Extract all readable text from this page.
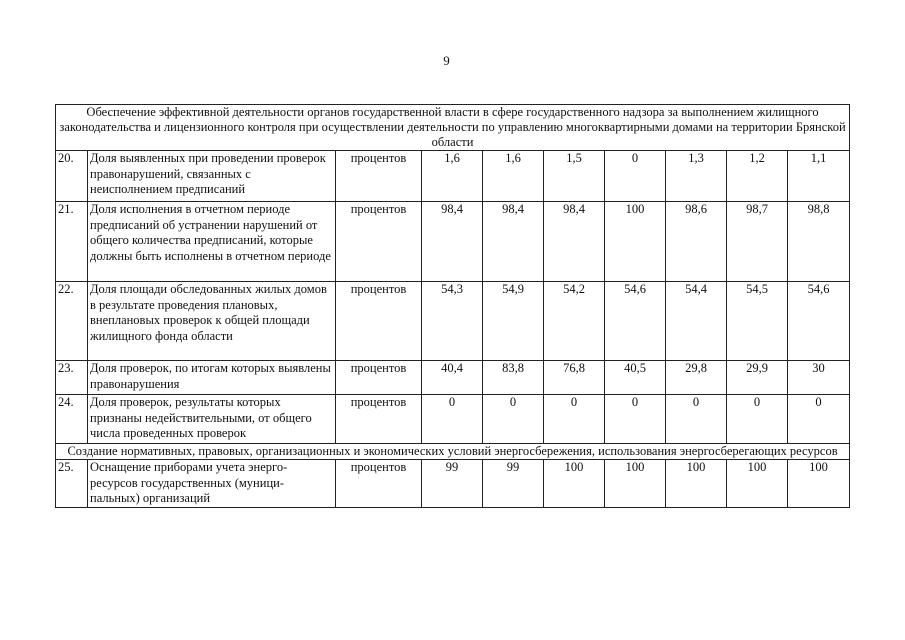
9
Обеспечение эффективной деятельности органов государственной власти в сфере государственного надзора за выполнением жилищного законодательства и лицензионного контроля при осуществлении деятельности по управлению многоквартирными домами на территории Брянской области									
20.	Доля выявленных при проведении проверок правонарушений, связанных с неисполнением предписаний	процентов	1,6	1,6	1,5	0	1,3	1,2	1,1
21.	Доля исполнения в отчетном периоде предписаний об устранении нарушений от общего количества предписаний, которые должны быть исполнены в отчетном периоде	процентов	98,4	98,4	98,4	100	98,6	98,7	98,8
22.	Доля площади обследованных жилых домов в результате проведения плановых, внеплановых проверок к общей площади жилищного фонда области	процентов	54,3	54,9	54,2	54,6	54,4	54,5	54,6
23.	Доля проверок, по итогам которых выявлены правонарушения	процентов	40,4	83,8	76,8	40,5	29,8	29,9	30
24.	Доля проверок, результаты которых признаны недействительными, от общего числа проведенных проверок	процентов	0	0	0	0	0	0	0
Создание нормативных, правовых, организационных и экономических условий энергосбережения, использования энергосберегающих ресурсов									
25.	Оснащение приборами учета энерго-ресурсов государственных (муници-пальных) организаций	процентов	99	99	100	100	100	100	100
